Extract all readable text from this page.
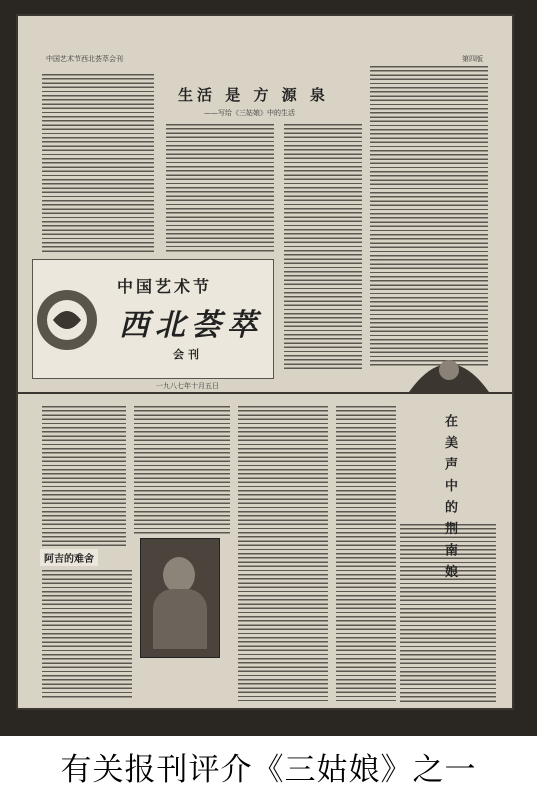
中国艺术节西北荟萃会刊	第四版
生活 是 方 源 泉
——写给《三姑娘》中的生活
中国艺术节
西北荟萃
会刊
一九八七年十月五日
在 美 声 中 的 荆 南 娘
阿吉的难舍
有关报刊评介《三姑娘》之一
